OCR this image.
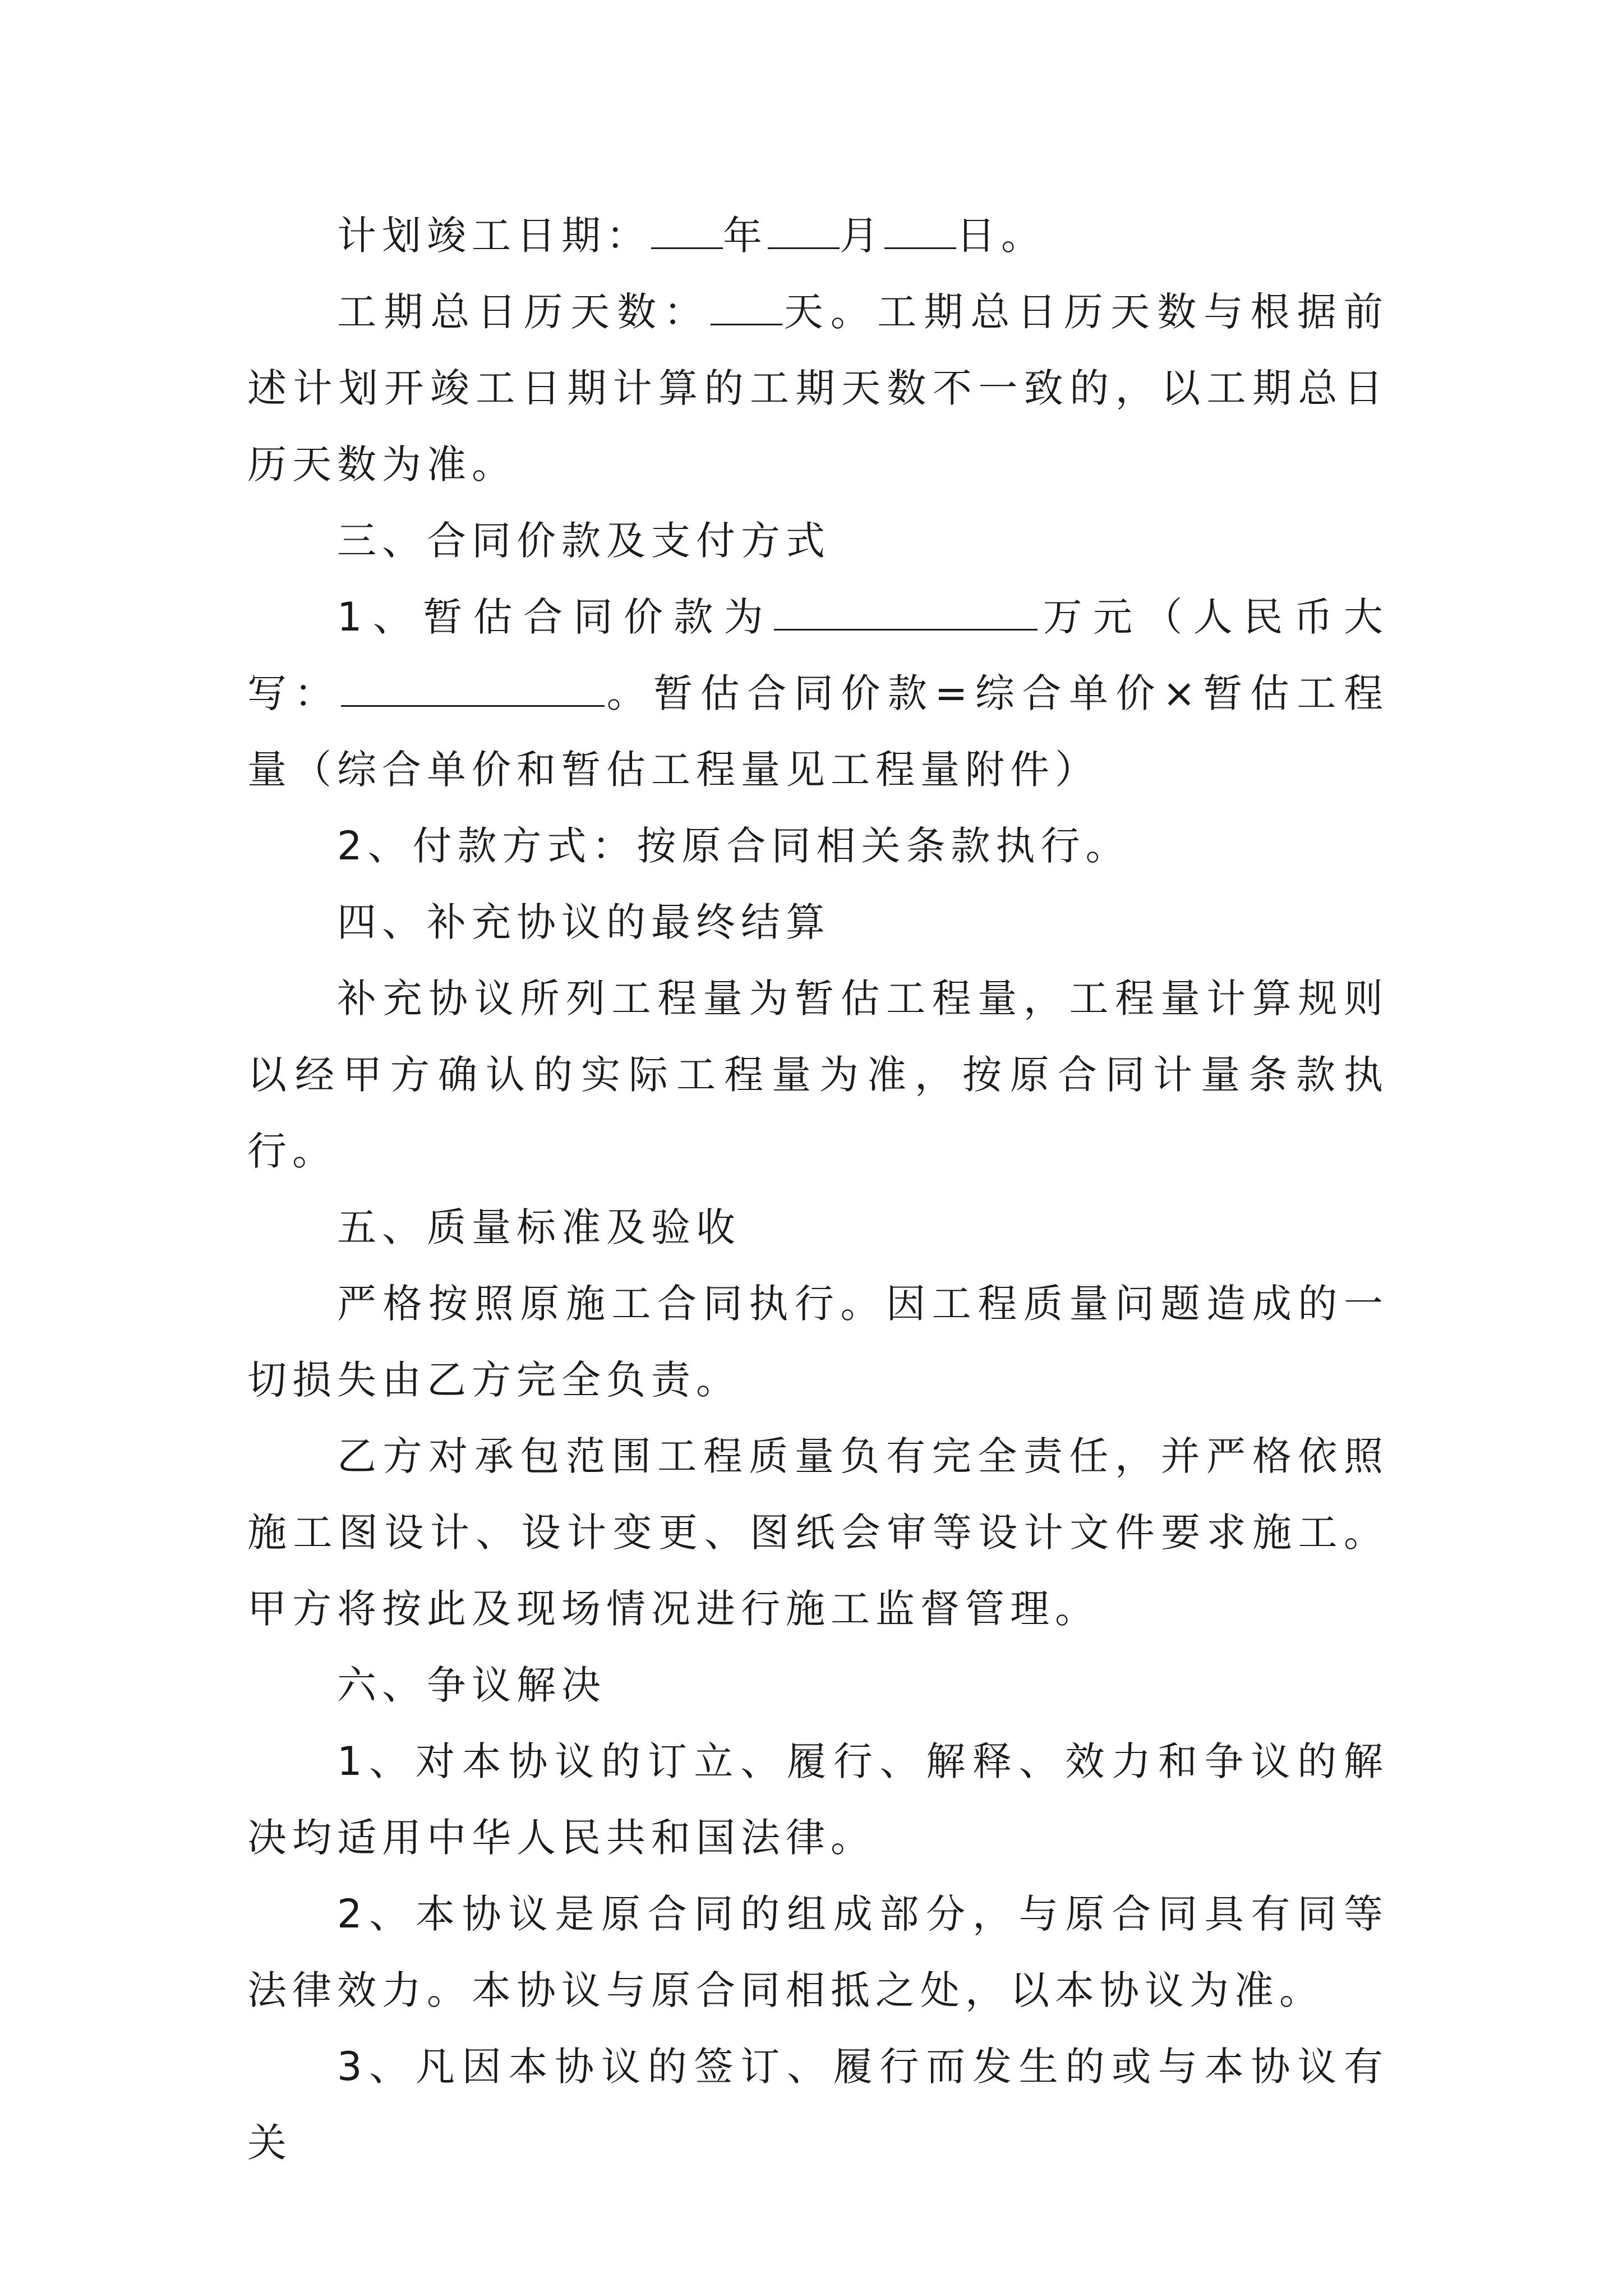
计划竣工日期： 年 月 日。

工期总日历天数： 天。工期总日历天数与根据前述计划开竣工日期计算的工期天数不一致的，以工期总日历天数为准。

三、合同价款及支付方式

1、暂估合同价款为	万元（人民币大写：	。暂估合同价款=综合单价×暂估工程量（综合单价和暂估工程量见工程量附件）

2、付款方式：按原合同相关条款执行。

四、补充协议的最终结算

补充协议所列工程量为暂估工程量，工程量计算规则以经甲方确认的实际工程量为准，按原合同计量条款执行。

五、质量标准及验收

严格按照原施工合同执行。因工程质量问题造成的一切损失由乙方完全负责。

乙方对承包范围工程质量负有完全责任，并严格依照施工图设计、设计变更、图纸会审等设计文件要求施工。甲方将按此及现场情况进行施工监督管理。

六、争议解决

1、对本协议的订立、履行、解释、效力和争议的解决均适用中华人民共和国法律。

2、本协议是原合同的组成部分，与原合同具有同等法律效力。本协议与原合同相抵之处，以本协议为准。

3、凡因本协议的签订、履行而发生的或与本协议有关
